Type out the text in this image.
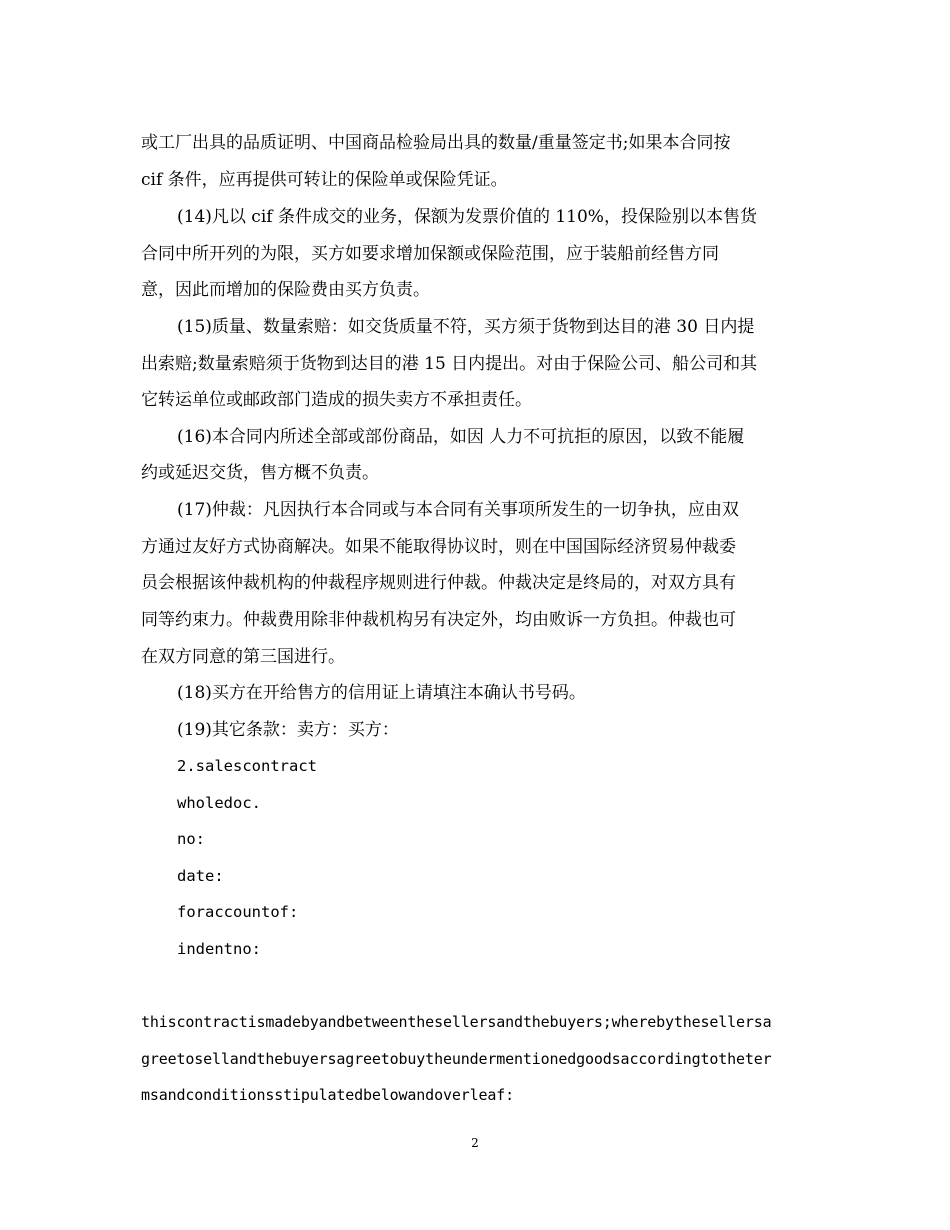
或工厂出具的品质证明、中国商品检验局出具的数量/重量签定书;如果本合同按
cif 条件，应再提供可转让的保险单或保险凭证。
(14)凡以 cif 条件成交的业务，保额为发票价值的 110%，投保险别以本售货
合同中所开列的为限，买方如要求增加保额或保险范围，应于装船前经售方同
意，因此而增加的保险费由买方负责。
(15)质量、数量索赔：如交货质量不符，买方须于货物到达目的港 30 日内提
出索赔;数量索赔须于货物到达目的港 15 日内提出。对由于保险公司、船公司和其
它转运单位或邮政部门造成的损失卖方不承担责任。
(16)本合同内所述全部或部份商品，如因 人力不可抗拒的原因，以致不能履
约或延迟交货，售方概不负责。
(17)仲裁：凡因执行本合同或与本合同有关事项所发生的一切争执，应由双
方通过友好方式协商解决。如果不能取得协议时，则在中国国际经济贸易仲裁委
员会根据该仲裁机构的仲裁程序规则进行仲裁。仲裁决定是终局的，对双方具有
同等约束力。仲裁费用除非仲裁机构另有决定外，均由败诉一方负担。仲裁也可
在双方同意的第三国进行。
(18)买方在开给售方的信用证上请填注本确认书号码。
(19)其它条款：卖方：买方：
2.salescontract
wholedoc.
no:
date:
foraccountof:
indentno:
thiscontractismadebyandbetweenthesellersandthebuyers;wherebythesellersa
greetosellandthebuyersagreetobuytheundermentionedgoodsaccordingtotheter
msandconditionsstipulatedbelowandoverleaf:
2
